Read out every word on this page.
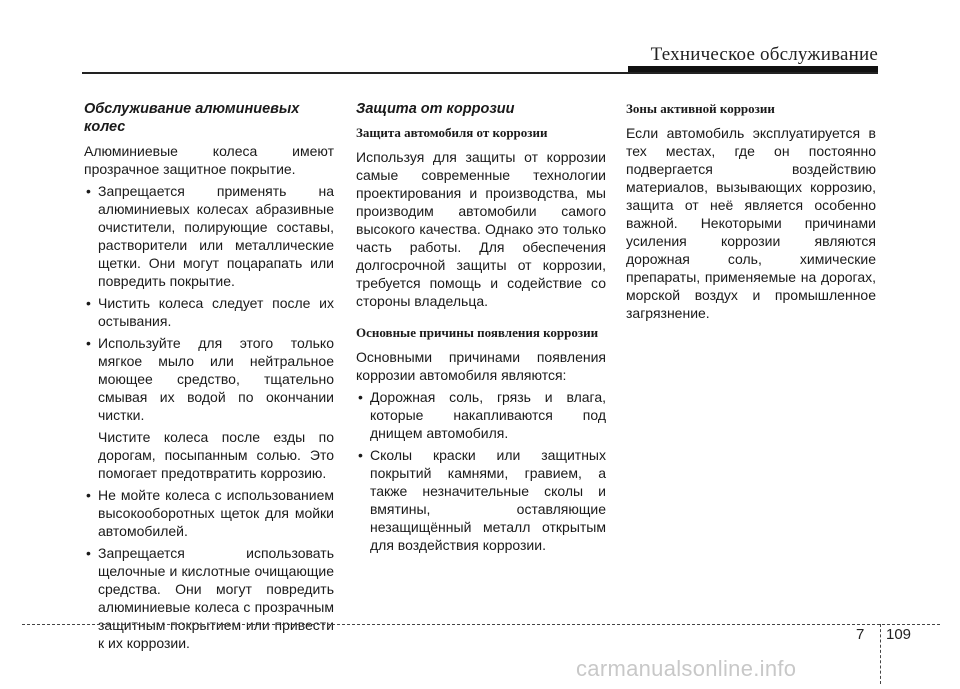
Техническое обслуживание
Обслуживание алюминиевых колес

Алюминиевые колеса имеют прозрачное защитное покрытие.

• Запрещается применять на алюминиевых колесах абразивные очистители, полирующие составы, растворители или металлические щетки. Они могут поцарапать или повредить покрытие.
• Чистить колеса следует после их остывания.
• Используйте для этого только мягкое мыло или нейтральное моющее средство, тщательно смывая их водой по окончании чистки.
Чистите колеса после езды по дорогам, посыпанным солью. Это помогает предотвратить коррозию.
• Не мойте колеса с использованием высокооборотных щеток для мойки автомобилей.
• Запрещается использовать щелочные и кислотные очищающие средства. Они могут повредить алюминиевые колеса с прозрачным защитным покрытием или привести к их коррозии.
Защита от коррозии
Защита автомобиля от коррозии

Используя для защиты от коррозии самые современные технологии проектирования и производства, мы производим автомобили самого высокого качества. Однако это только часть работы. Для обеспечения долгосрочной защиты от коррозии, требуется помощь и содействие со стороны владельца.

Основные причины появления коррозии

Основными причинами появления коррозии автомобиля являются:

• Дорожная соль, грязь и влага, которые накапливаются под днищем автомобиля.
• Сколы краски или защитных покрытий камнями, гравием, а также незначительные сколы и вмятины, оставляющие незащищённый металл открытым для воздействия коррозии.
Зоны активной коррозии

Если автомобиль эксплуатируется в тех местах, где он постоянно подвергается воздействию материалов, вызывающих коррозию, защита от неё является особенно важной. Некоторыми причинами усиления коррозии являются дорожная соль, химические препараты, применяемые на дорогах, морской воздух и промышленное загрязнение.

7 109
carmanualsonline.info
